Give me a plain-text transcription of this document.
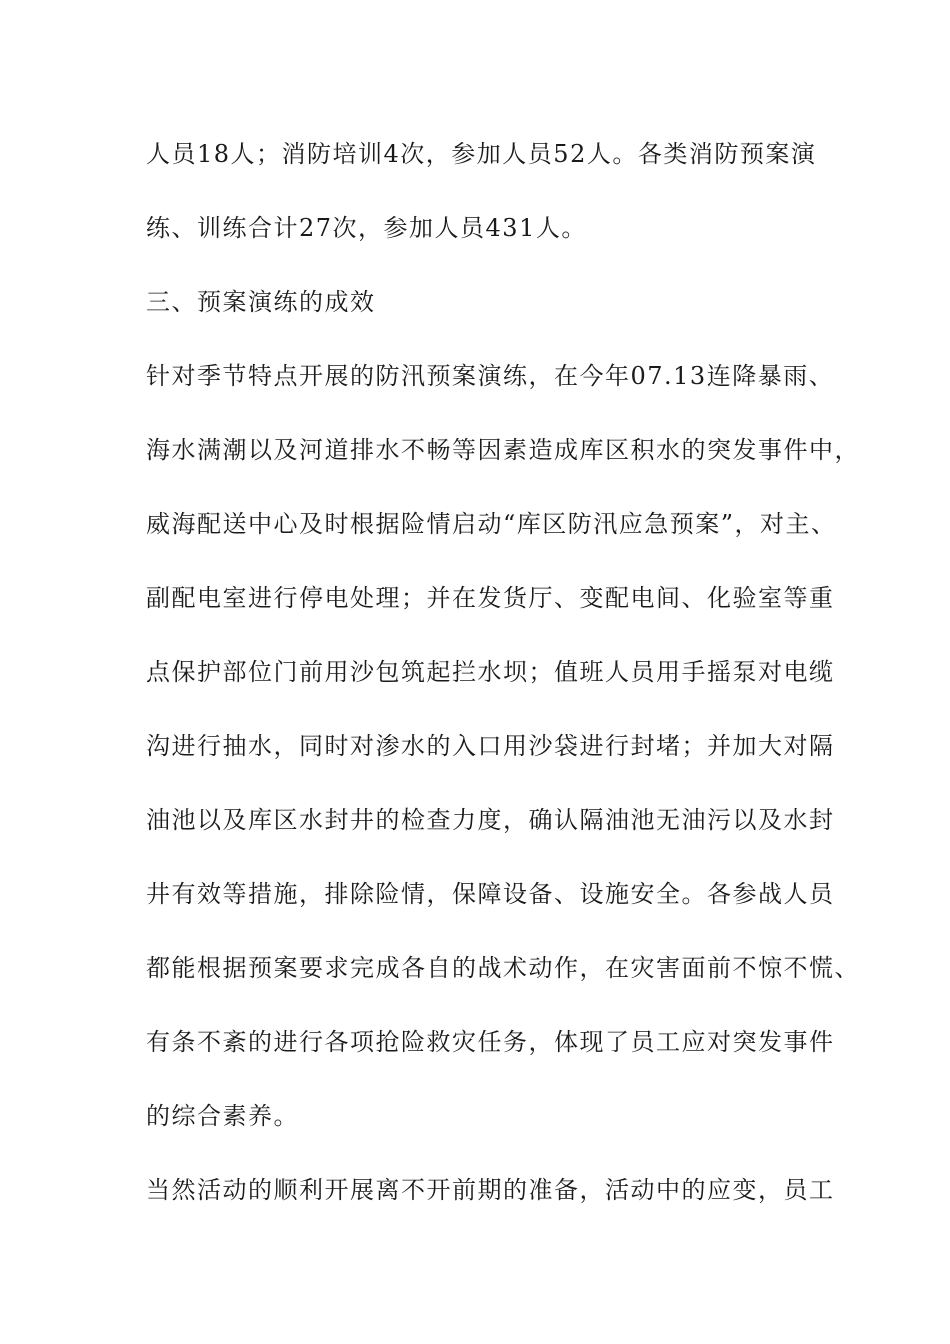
人员18人；消防培训4次，参加人员52人。各类消防预案演
练、训练合计27次，参加人员431人。
三、预案演练的成效
针对季节特点开展的防汛预案演练，在今年07.13连降暴雨、
海水满潮以及河道排水不畅等因素造成库区积水的突发事件中，
威海配送中心及时根据险情启动“库区防汛应急预案”，对主、
副配电室进行停电处理；并在发货厅、变配电间、化验室等重
点保护部位门前用沙包筑起拦水坝；值班人员用手摇泵对电缆
沟进行抽水，同时对渗水的入口用沙袋进行封堵；并加大对隔
油池以及库区水封井的检查力度，确认隔油池无油污以及水封
井有效等措施，排除险情，保障设备、设施安全。各参战人员
都能根据预案要求完成各自的战术动作，在灾害面前不惊不慌、
有条不紊的进行各项抢险救灾任务，体现了员工应对突发事件
的综合素养。
当然活动的顺利开展离不开前期的准备，活动中的应变，员工
